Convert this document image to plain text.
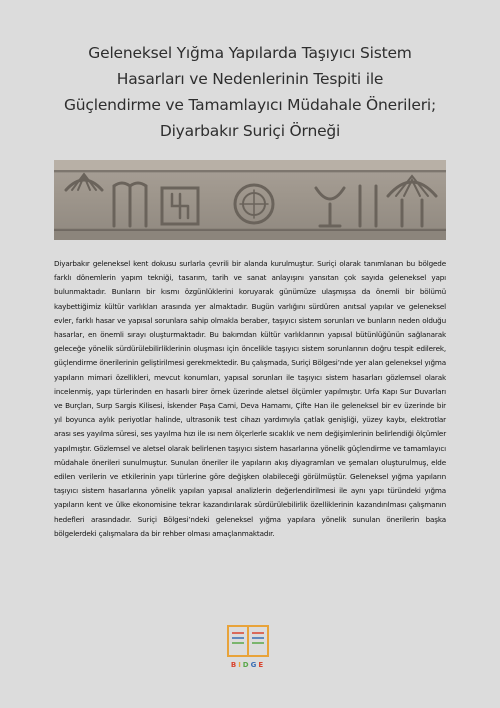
Geleneksel Yığma Yapılarda Taşıyıcı Sistem
Hasarları ve Nedenlerinin Tespiti ile
Güçlendirme ve Tamamlayıcı Müdahale Önerileri;
Diyarbakır Suriçi Örneği
Diyarbakır geleneksel kent dokusu surlarla çevrili bir alanda kurulmuştur. Suriçi olarak tanımlanan bu bölgede farklı dönemlerin yapım tekniği, tasarım, tarih ve sanat anlayışını yansıtan çok sayıda geleneksel yapı bulunmaktadır. Bunların bir kısmı özgünlüklerini koruyarak günümüze ulaşmışsa da önemli bir bölümü kaybettiğimiz kültür varlıkları arasında yer almaktadır. Bugün varlığını sürdüren anıtsal yapılar ve geleneksel evler, farklı hasar ve yapısal sorunlara sahip olmakla beraber, taşıyıcı sistem sorunları ve bunların neden olduğu hasarlar, en önemli sırayı oluşturmaktadır. Bu bakımdan kültür varlıklarının yapısal bütünlüğünün sağlanarak geleceğe yönelik sürdürülebilirliklerinin oluşması için öncelikle taşıyıcı sistem sorunlarının doğru tespit edilerek, güçlendirme önerilerinin geliştirilmesi gerekmektedir. Bu çalışmada, Suriçi Bölgesi’nde yer alan geleneksel yığma yapıların mimari özellikleri, mevcut konumları, yapısal sorunları ile taşıyıcı sistem hasarları gözlemsel olarak incelenmiş, yapı türlerinden en hasarlı birer örnek üzerinde aletsel ölçümler yapılmıştır. Urfa Kapı Sur Duvarları ve Burçları, Surp Sargis Kilisesi, İskender Paşa Cami, Deva Hamamı, Çifte Han ile geleneksel bir ev üzerinde bir yıl boyunca aylık periyotlar halinde, ultrasonik test cihazı yardımıyla çatlak genişliği, yüzey kaybı, elektrotlar arası ses yayılma süresi, ses yayılma hızı ile ısı nem ölçerlerle sıcaklık ve nem değişimlerinin belirlendiği ölçümler yapılmıştır. Gözlemsel ve aletsel olarak belirlenen taşıyıcı sistem hasarlarına yönelik güçlendirme ve tamamlayıcı müdahale önerileri sunulmuştur. Sunulan öneriler ile yapıların akış diyagramları ve şemaları oluşturulmuş, elde edilen verilerin ve etkilerinin yapı türlerine göre değişken olabileceği görülmüştür. Geleneksel yığma yapıların taşıyıcı sistem hasarlarına yönelik yapılan yapısal analizlerin değerlendirilmesi ile aynı yapı türündeki yığma yapıların kent ve ülke ekonomisine tekrar kazandırılarak sürdürülebilirlik özelliklerinin kazandırılması çalışmanın hedefleri arasındadır. Suriçi Bölgesi’ndeki geleneksel yığma yapılara yönelik sunulan önerilerin başka bölgelerdeki çalışmalara da bir rehber olması amaçlanmaktadır.
BIDGE
